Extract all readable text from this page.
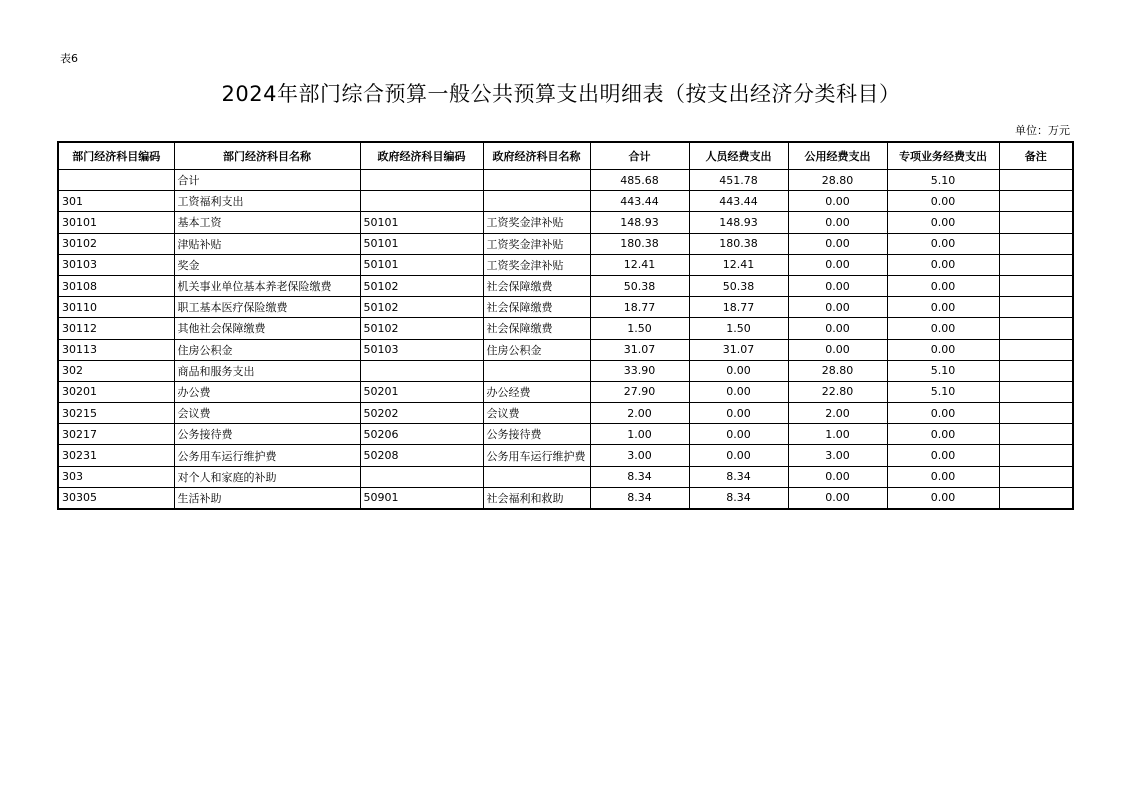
表6
2024年部门综合预算一般公共预算支出明细表（按支出经济分类科目）
单位：万元
部门经济科目编码	部门经济科目名称	政府经济科目编码	政府经济科目名称	合计	人员经费支出	公用经费支出	专项业务经费支出	备注
	合计			485.68	451.78	28.80	5.10	
301	工资福利支出			443.44	443.44	0.00	0.00	
30101	基本工资	50101	工资奖金津补贴	148.93	148.93	0.00	0.00	
30102	津贴补贴	50101	工资奖金津补贴	180.38	180.38	0.00	0.00	
30103	奖金	50101	工资奖金津补贴	12.41	12.41	0.00	0.00	
30108	机关事业单位基本养老保险缴费	50102	社会保障缴费	50.38	50.38	0.00	0.00	
30110	职工基本医疗保险缴费	50102	社会保障缴费	18.77	18.77	0.00	0.00	
30112	其他社会保障缴费	50102	社会保障缴费	1.50	1.50	0.00	0.00	
30113	住房公积金	50103	住房公积金	31.07	31.07	0.00	0.00	
302	商品和服务支出			33.90	0.00	28.80	5.10	
30201	办公费	50201	办公经费	27.90	0.00	22.80	5.10	
30215	会议费	50202	会议费	2.00	0.00	2.00	0.00	
30217	公务接待费	50206	公务接待费	1.00	0.00	1.00	0.00	
30231	公务用车运行维护费	50208	公务用车运行维护费	3.00	0.00	3.00	0.00	
303	对个人和家庭的补助			8.34	8.34	0.00	0.00	
30305	生活补助	50901	社会福利和救助	8.34	8.34	0.00	0.00	
